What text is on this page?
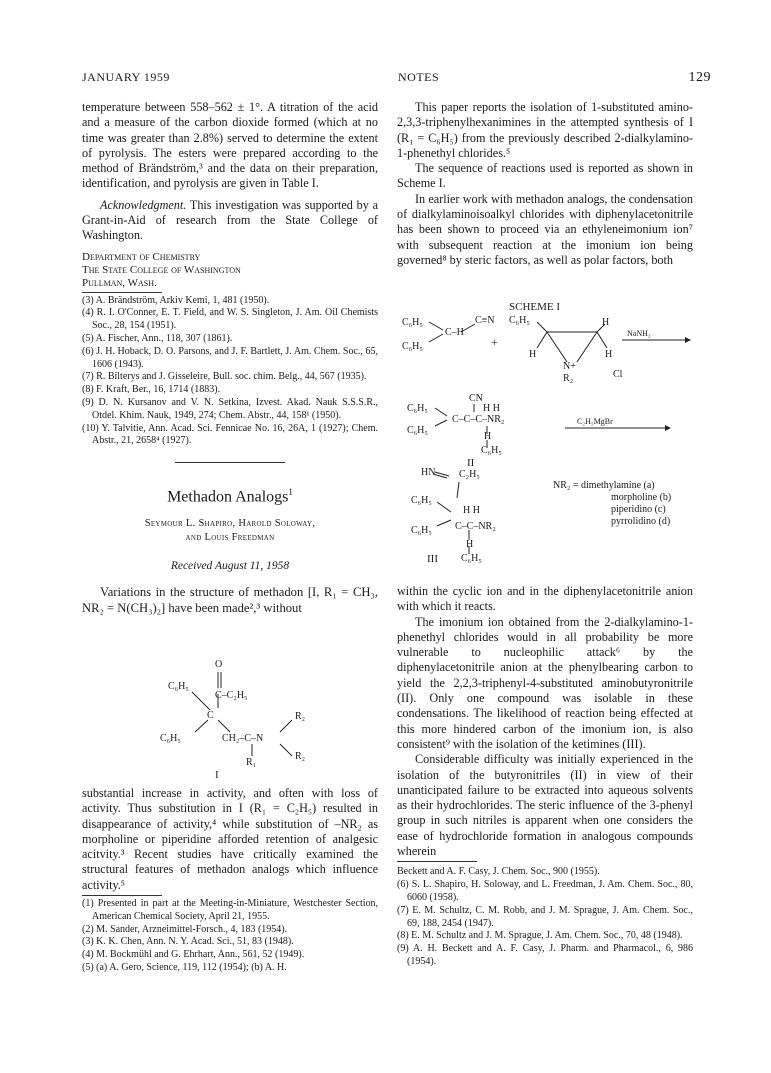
JANUARY 1959	NOTES	129

temperature between 558–562 ± 1°. A titration of the acid and a measure of the carbon dioxide formed (which at no time was greater than 2.8%) served to determine the extent of pyrolysis. The esters were prepared according to the method of Brändström,³ and the data on their preparation, identification, and pyrolysis are given in Table I.

Acknowledgment. This investigation was supported by a Grant-in-Aid of research from the State College of Washington.

Department of Chemistry
The State College of Washington
Pullman, Wash.

(3) A. Brändström, Arkiv Kemi, 1, 481 (1950).

(4) R. I. O'Conner, E. T. Field, and W. S. Singleton, J. Am. Oil Chemists Soc., 28, 154 (1951).

(5) A. Fischer, Ann., 118, 307 (1861).

(6) J. H. Hoback, D. O. Parsons, and J. F. Bartlett, J. Am. Chem. Soc., 65, 1606 (1943).

(7) R. Bilterys and J. Gisseleire, Bull. soc. chim. Belg., 44, 567 (1935).

(8) F. Kraft, Ber., 16, 1714 (1883).

(9) D. N. Kursanov and V. N. Setkina, Izvest. Akad. Nauk S.S.S.R., Otdel. Khim. Nauk, 1949, 274; Chem. Abstr., 44, 158¹ (1950).

(10) Y. Talvitie, Ann. Acad. Sci. Fennicae No. 16, 26A, 1 (1927); Chem. Abstr., 21, 2658⁴ (1927).

Methadon Analogs$^1$
Seymour L. Shapiro, Harold Soloway,
and Louis Freedman
Received August 11, 1958

Variations in the structure of methadon [I, R₁ = CH₃, NR₂ = N(CH₃)₂] have been made²,³ without

O
C₆H₅
C–C₂H₅
C	R₂
C₆H₅	CH₂–C–N
R₂
R₁
I

substantial increase in activity, and often with loss of activity. Thus substitution in I (R₁ = C₂H₅) resulted in disappearance of activity,⁴ while substitution of –NR₂ as morpholine or piperidine afforded retention of analgesic acitvity.³ Recent studies have critically examined the structural features of methadon analogs which influence activity.⁵

(1) Presented in part at the Meeting-in-Miniature, Westchester Section, American Chemical Society, April 21, 1955.

(2) M. Sander, Arzneimittel-Forsch., 4, 183 (1954).

(3) K. K. Chen, Ann. N. Y. Acad. Sci., 51, 83 (1948).

(4) M. Bockmühl and G. Ehrhart, Ann., 561, 52 (1949).

(5) (a) A. Gero, Science, 119, 112 (1954); (b) A. H.

This paper reports the isolation of 1-substituted amino-2,3,3-triphenylhexanimines in the attempted synthesis of I (R₁ = C₆H₅) from the previously described 2-dialkylamino-1-phenethyl chlorides.⁵

The sequence of reactions used is reported as shown in Scheme I.

In earlier work with methadon analogs, the condensation of dialkylaminoisoalkyl chlorides with diphenylacetonitrile has been shown to proceed via an ethyleneimonium ion⁷ with subsequent reaction at the imonium ion being governed⁸ by steric factors, as well as polar factors, both

SCHEME I
C₆H₅	C≡N C₆H₅
C–H
C₆H₅	+
H
NaNH₂
H	H
N+
R₂	Cl
CN
H H
C₆H₅
C–C–C–NR₂
C₆H₅
H
C₆H₅
C₂H₅MgBr
II
HN C₂H₅
C₆H₅
H H
C₆H₅ C–C–NR₂
H
C₆H₅
III
NR₂ = dimethylamine (a)
morpholine (b)
piperidino (c)
pyrrolidino (d)

within the cyclic ion and in the diphenylacetonitrile anion with which it reacts.

The imonium ion obtained from the 2-dialkylamino-1-phenethyl chlorides would in all probability be more vulnerable to nucleophilic attack⁶ by the diphenylacetonitrile anion at the phenylbearing carbon to yield the 2,2,3-triphenyl-4-substituted aminobutyronitrile (II). Only one compound was isolable in these condensations. The likelihood of reaction being effected at this more hindered carbon of the imonium ion, is also consistent⁹ with the isolation of the ketimines (III).

Considerable difficulty was initially experienced in the isolation of the butyronitriles (II) in view of their unanticipated failure to be extracted into aqueous solvents as their hydrochlorides. The steric influence of the 3-phenyl group in such nitriles is apparent when one considers the ease of hydrochloride formation in analogous compounds wherein

Beckett and A. F. Casy, J. Chem. Soc., 900 (1955).

(6) S. L. Shapiro, H. Soloway, and L. Freedman, J. Am. Chem. Soc., 80, 6060 (1958).

(7) E. M. Schultz, C. M. Robb, and J. M. Sprague, J. Am. Chem. Soc., 69, 188, 2454 (1947).

(8) E. M. Schultz and J. M. Sprague, J. Am. Chem. Soc., 70, 48 (1948).

(9) A. H. Beckett and A. F. Casy, J. Pharm. and Pharmacol., 6, 986 (1954).
